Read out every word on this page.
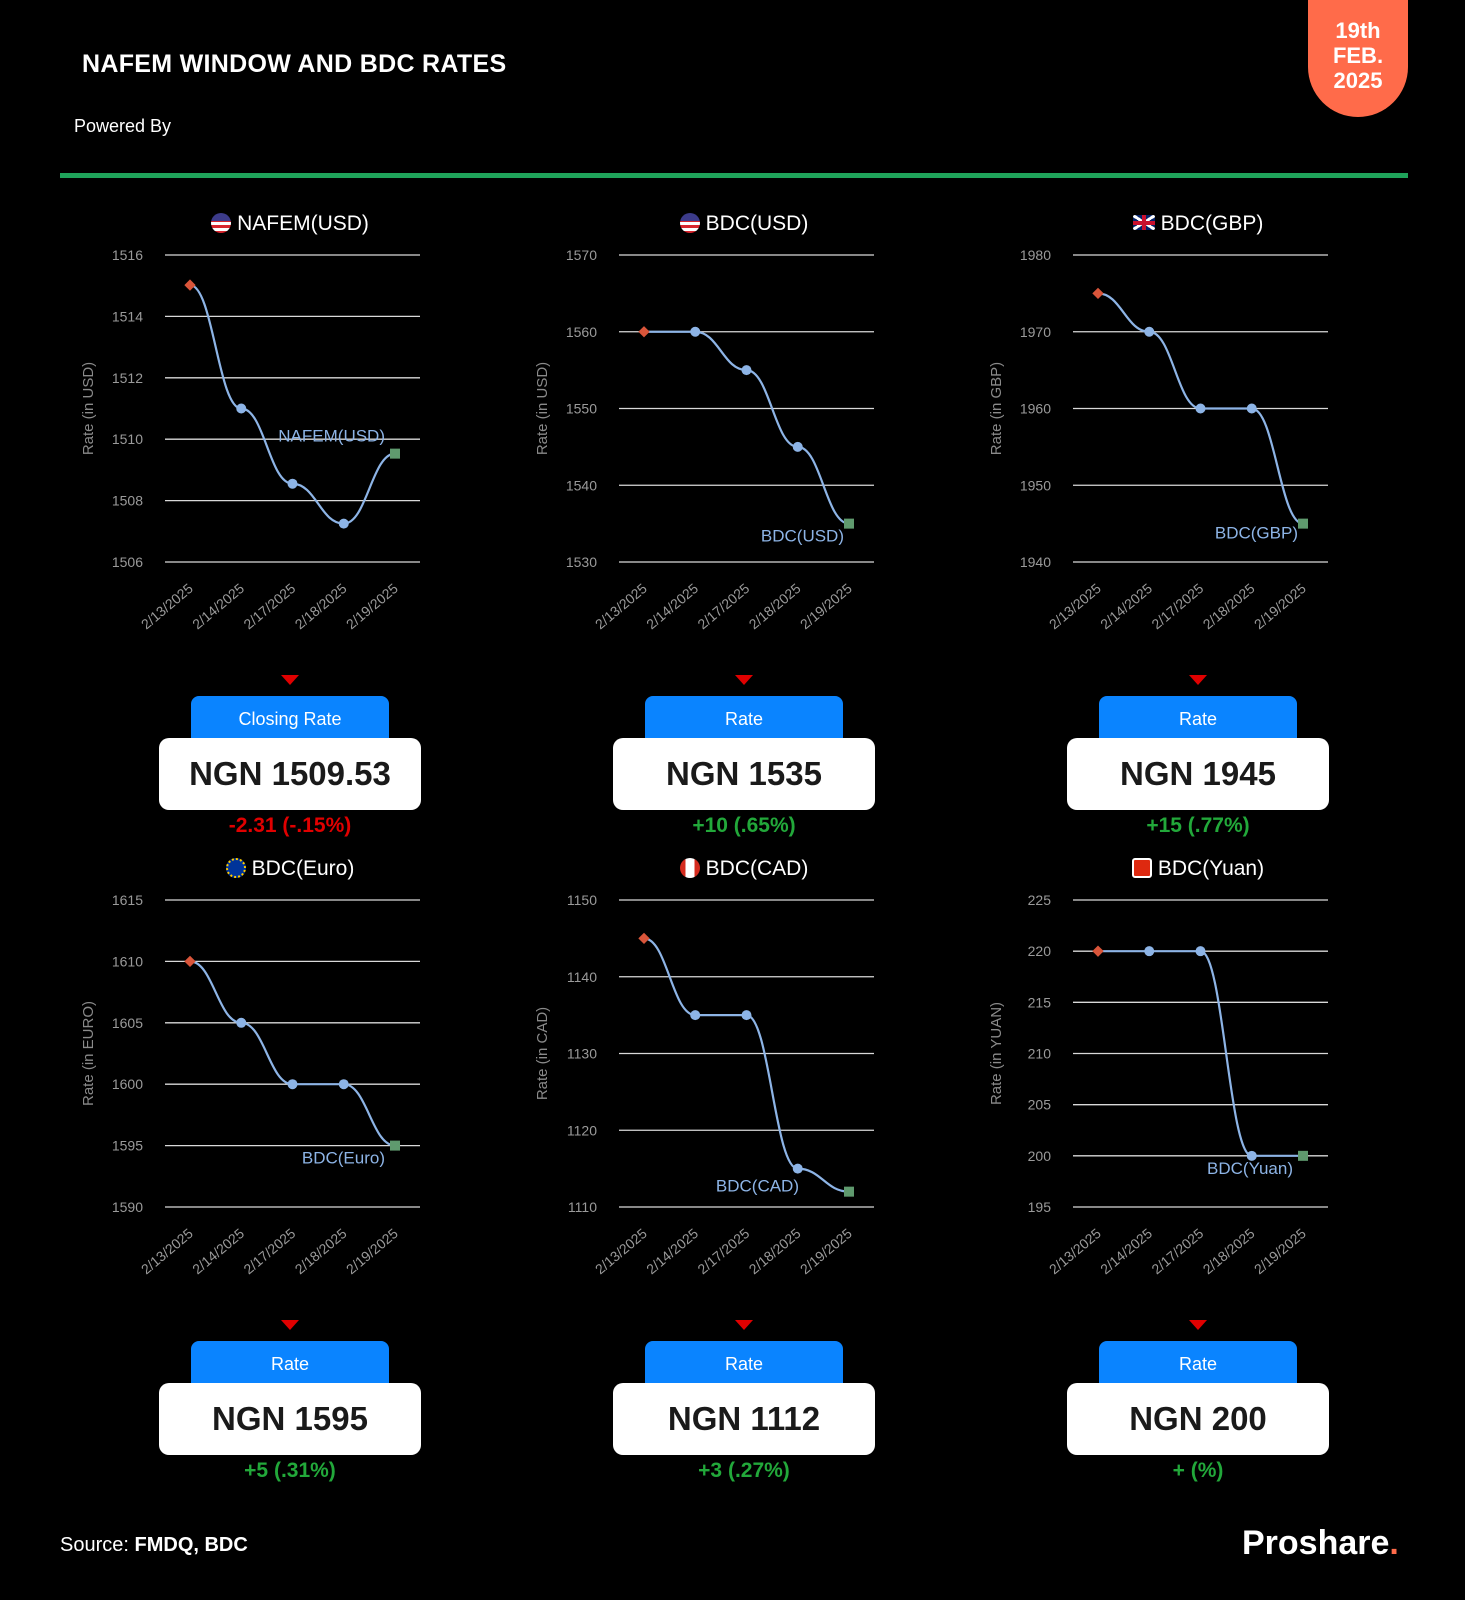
NAFEM WINDOW AND BDC RATES
Powered By
19th
FEB.
2025
NAFEM(USD)
1506
1508
1510
1512
1514
1516
Rate (in USD)
2/13/2025
2/14/2025
2/17/2025
2/18/2025
2/19/2025
NAFEM(USD)
Closing Rate
NGN 1509.53
-2.31 (-.15%)
BDC(USD)
1530
1540
1550
1560
1570
Rate (in USD)
2/13/2025
2/14/2025
2/17/2025
2/18/2025
2/19/2025
BDC(USD)
Rate
NGN 1535
+10 (.65%)
BDC(GBP)
1940
1950
1960
1970
1980
Rate (in GBP)
2/13/2025
2/14/2025
2/17/2025
2/18/2025
2/19/2025
BDC(GBP)
Rate
NGN 1945
+15 (.77%)
BDC(Euro)
1590
1595
1600
1605
1610
1615
Rate (in EURO)
2/13/2025
2/14/2025
2/17/2025
2/18/2025
2/19/2025
BDC(Euro)
Rate
NGN 1595
+5 (.31%)
BDC(CAD)
1110
1120
1130
1140
1150
Rate (in CAD)
2/13/2025
2/14/2025
2/17/2025
2/18/2025
2/19/2025
BDC(CAD)
Rate
NGN 1112
+3 (.27%)
BDC(Yuan)
195
200
205
210
215
220
225
Rate (in YUAN)
2/13/2025
2/14/2025
2/17/2025
2/18/2025
2/19/2025
BDC(Yuan)
Rate
NGN 200
+ (%)
Source: FMDQ, BDC	Proshare.
